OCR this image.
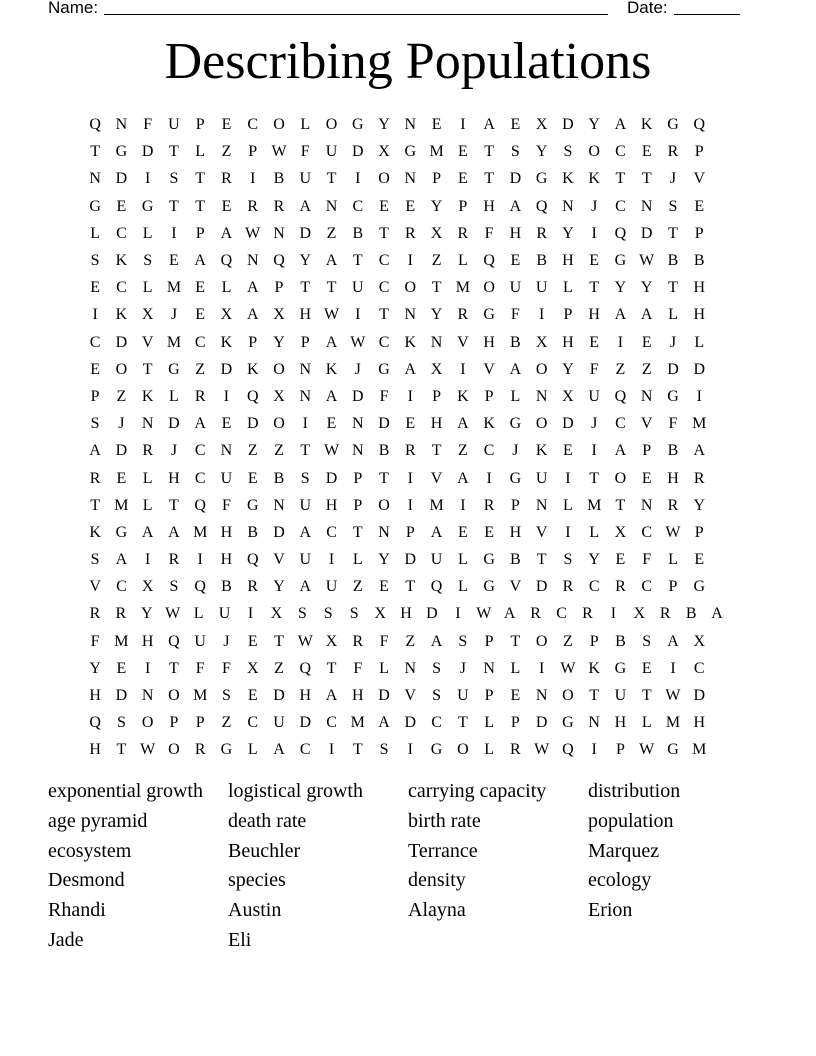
Name:	Date:
Describing Populations
Q N	F	U	P	E	C O L O G Y N E	I	A E X D Y A K G Q
T G D T	L	Z	P W F	U D X G M E	T	S	Y	S	O C	E	R	P
N D	I	S	T	R	I	B U T	I	O N	P	E	T D G K K T	T	J	V
G E G T	T	E	R R A N C	E	E Y	P	H A Q N	J	C N	S	E
L	C	L	I	P	A W N D Z	B	T	R X R	F	H R Y	I	Q D T	P
S	K	S	E A Q N Q Y A T	C	I	Z	L Q E	B H E G W B B
E	C	L M E	L A	P	T	T U C O T M O U U L	T Y Y T H
I	K X	J	E X A X H W	I	T N Y R G	F	I	P	H A A L H
C D V M C K	P	Y	P	A W C K N V H B X H E	I	E	J	L
E O T G Z D K O N K	J	G A X	I	V A O Y	F	Z	Z D D
P	Z K L	R	I	Q X N A D	F	I	P	K	P	L N X U Q N G	I
S	J	N D A E D O	I	E N D E H A K G O D	J	C V	F M
A D R	J	C N Z	Z	T W N B R	T	Z	C	J	K E	I	A	P	B A
R	E	L H C U E	B	S	D	P	T	I	V A	I	G U	I	T O E H R
T M L	T Q	F	G N U H	P	O	I	M	I	R	P	N L M T N R Y
K G A A M H B D A C	T N	P	A E	E H V	I	L X C W P
S	A	I	R	I	H Q V U	I	L Y D U L G B	T	S	Y E	F	L	E
V C X	S	Q B R Y A U Z	E	T Q L G V D R C R C	P	G
R R Y W L U	I	X S	S	S X H D	I W A R C R	I	X R B A
F M H Q U	J	E	T W X R	F	Z A	S	P	T O Z	P	B	S	A X
Y E	I	T	F	F	X Z Q T	F	L N	S	J	N L	I	W K G E	I	C
H D N O M S	E D H A H D V	S	U	P	E N O T U T W D
Q	S	O	P	P	Z	C U D C M A D C	T	L	P	D G N H L M H
H T W O R G L A C	I	T	S	I	G O L	R W Q	I	P W G M
exponential growth	logistical growth	carrying capacity	distribution
age pyramid	death rate	birth rate	population
ecosystem	Beuchler	Terrance	Marquez
Desmond	species	density	ecology
Rhandi	Austin	Alayna	Erion
Jade	Eli
